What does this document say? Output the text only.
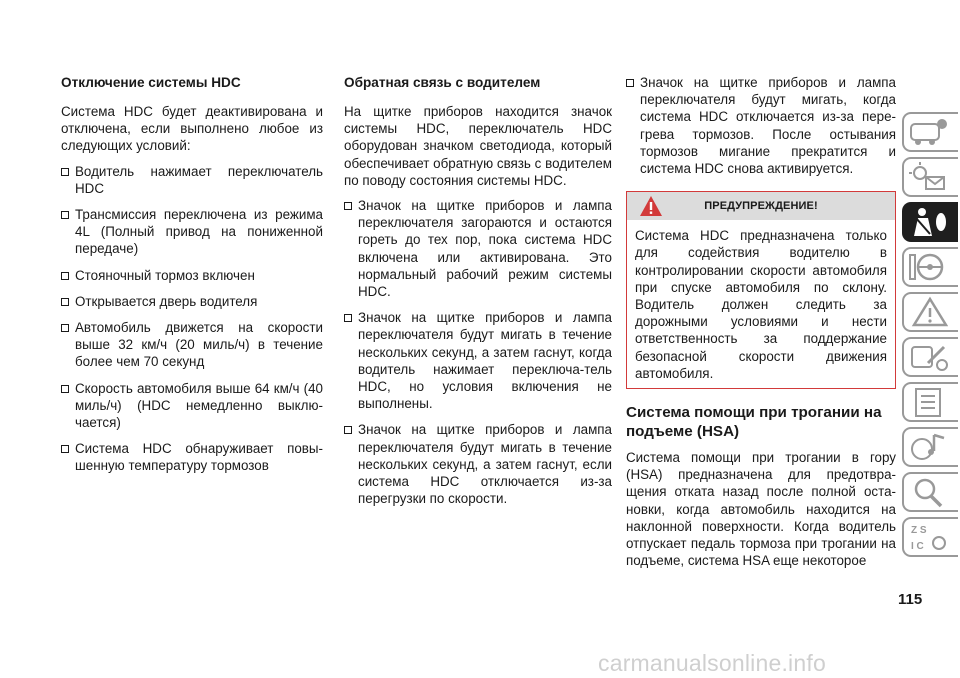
Отключение системы HDC

Система HDC будет деактивирована и отключена, если выполнено любое из следующих условий:

Водитель нажимает переключатель HDC
Трансмиссия переключена из режима 4L (Полный привод на пониженной передаче)
Стояночный тормоз включен
Открывается дверь водителя
Автомобиль движется на скорости выше 32 км/ч (20 миль/ч) в течение более чем 70 секунд
Скорость автомобиля выше 64 км/ч (40 миль/ч) (HDC немедленно выклю-чается)
Система HDC обнаруживает повы-шенную температуру тормозов
Обратная связь с водителем

На щитке приборов находится значок системы HDC, переключатель HDC оборудован значком светодиода, который обеспечивает обратную связь с водителем по поводу состояния системы HDC.

Значок на щитке приборов и лампа переключателя загораются и остаются гореть до тех пор, пока система HDC включена или активирована. Это нормальный рабочий режим системы HDC.
Значок на щитке приборов и лампа переключателя будут мигать в течение нескольких секунд, а затем гаснут, когда водитель нажимает переключа-тель HDC, но условия включения не выполнены.
Значок на щитке приборов и лампа переключателя будут мигать в течение нескольких секунд, а затем гаснут, если система HDC отключается из-за перегрузки по скорости.
Значок на щитке приборов и лампа переключателя будут мигать, когда система HDC отключается из-за пере-грева тормозов. После остывания тормозов мигание прекратится и система HDC снова активируется.
ПРЕДУПРЕЖДЕНИЕ!

Система HDC предназначена только для содействия водителю в контролировании скорости автомобиля при спуске автомобиля по склону. Водитель должен следить за дорожными условиями и нести ответственность за поддержание безопасной скорости движения автомобиля.

Система помощи при трогании на подъеме (HSA)

Система помощи при трогании в гору (HSA) предназначена для предотвра-щения отката назад после полной оста-новки, когда автомобиль находится на наклонной поверхности. Когда водитель отпускает педаль тормоза при трогании на подъеме, система HSA еще некоторое

Z S
I C
115
carmanualsonline.info
